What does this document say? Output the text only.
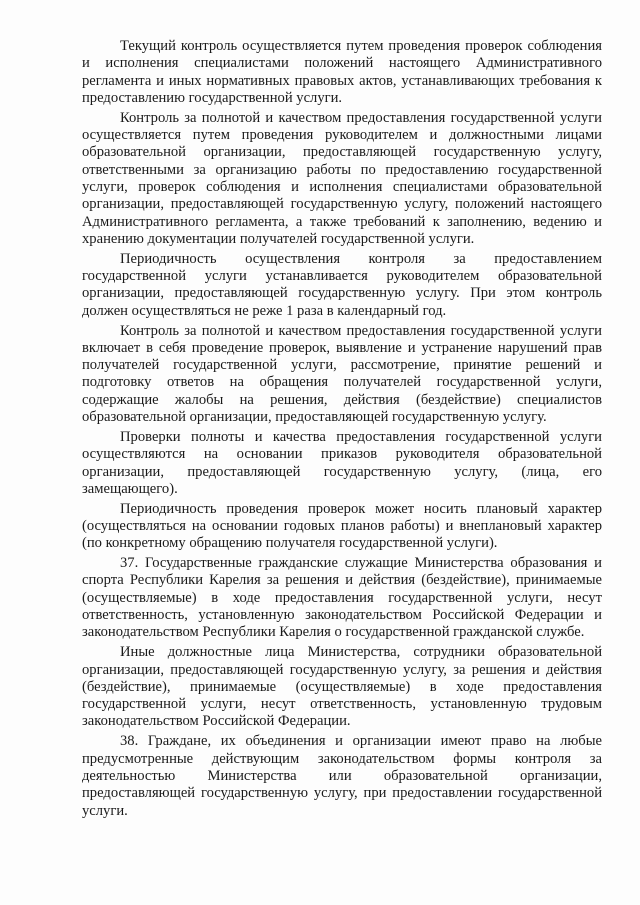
Текущий контроль осуществляется путем проведения проверок соблюдения и исполнения специалистами положений настоящего Административного регламента и иных нормативных правовых актов, устанавливающих требования к предоставлению государственной услуги.

Контроль за полнотой и качеством предоставления государственной услуги осуществляется путем проведения руководителем и должностными лицами образовательной организации, предоставляющей государственную услугу, ответственными за организацию работы по предоставлению государственной услуги, проверок соблюдения и исполнения специалистами образовательной организации, предоставляющей государственную услугу, положений настоящего Административного регламента, а также требований к заполнению, ведению и хранению документации получателей государственной услуги.

Периодичность осуществления контроля за предоставлением государственной услуги устанавливается руководителем образовательной организации, предоставляющей государственную услугу. При этом контроль должен осуществляться не реже 1 раза в календарный год.

Контроль за полнотой и качеством предоставления государственной услуги включает в себя проведение проверок, выявление и устранение нарушений прав получателей государственной услуги, рассмотрение, принятие решений и подготовку ответов на обращения получателей государственной услуги, содержащие жалобы на решения, действия (бездействие) специалистов образовательной организации, предоставляющей государственную услугу.

Проверки полноты и качества предоставления государственной услуги осуществляются на основании приказов руководителя образовательной организации, предоставляющей государственную услугу, (лица, его замещающего).

Периодичность проведения проверок может носить плановый характер (осуществляться на основании годовых планов работы) и внеплановый характер (по конкретному обращению получателя государственной услуги).

37. Государственные гражданские служащие Министерства образования и спорта Республики Карелия за решения и действия (бездействие), принимаемые (осуществляемые) в ходе предоставления государственной услуги, несут ответственность, установленную законодательством Российской Федерации и законодательством Республики Карелия о государственной гражданской службе.

Иные должностные лица Министерства, сотрудники образовательной организации, предоставляющей государственную услугу, за решения и действия (бездействие), принимаемые (осуществляемые) в ходе предоставления государственной услуги, несут ответственность, установленную трудовым законодательством Российской Федерации.

38. Граждане, их объединения и организации имеют право на любые предусмотренные действующим законодательством формы контроля за деятельностью Министерства или образовательной организации, предоставляющей государственную услугу, при предоставлении государственной услуги.
